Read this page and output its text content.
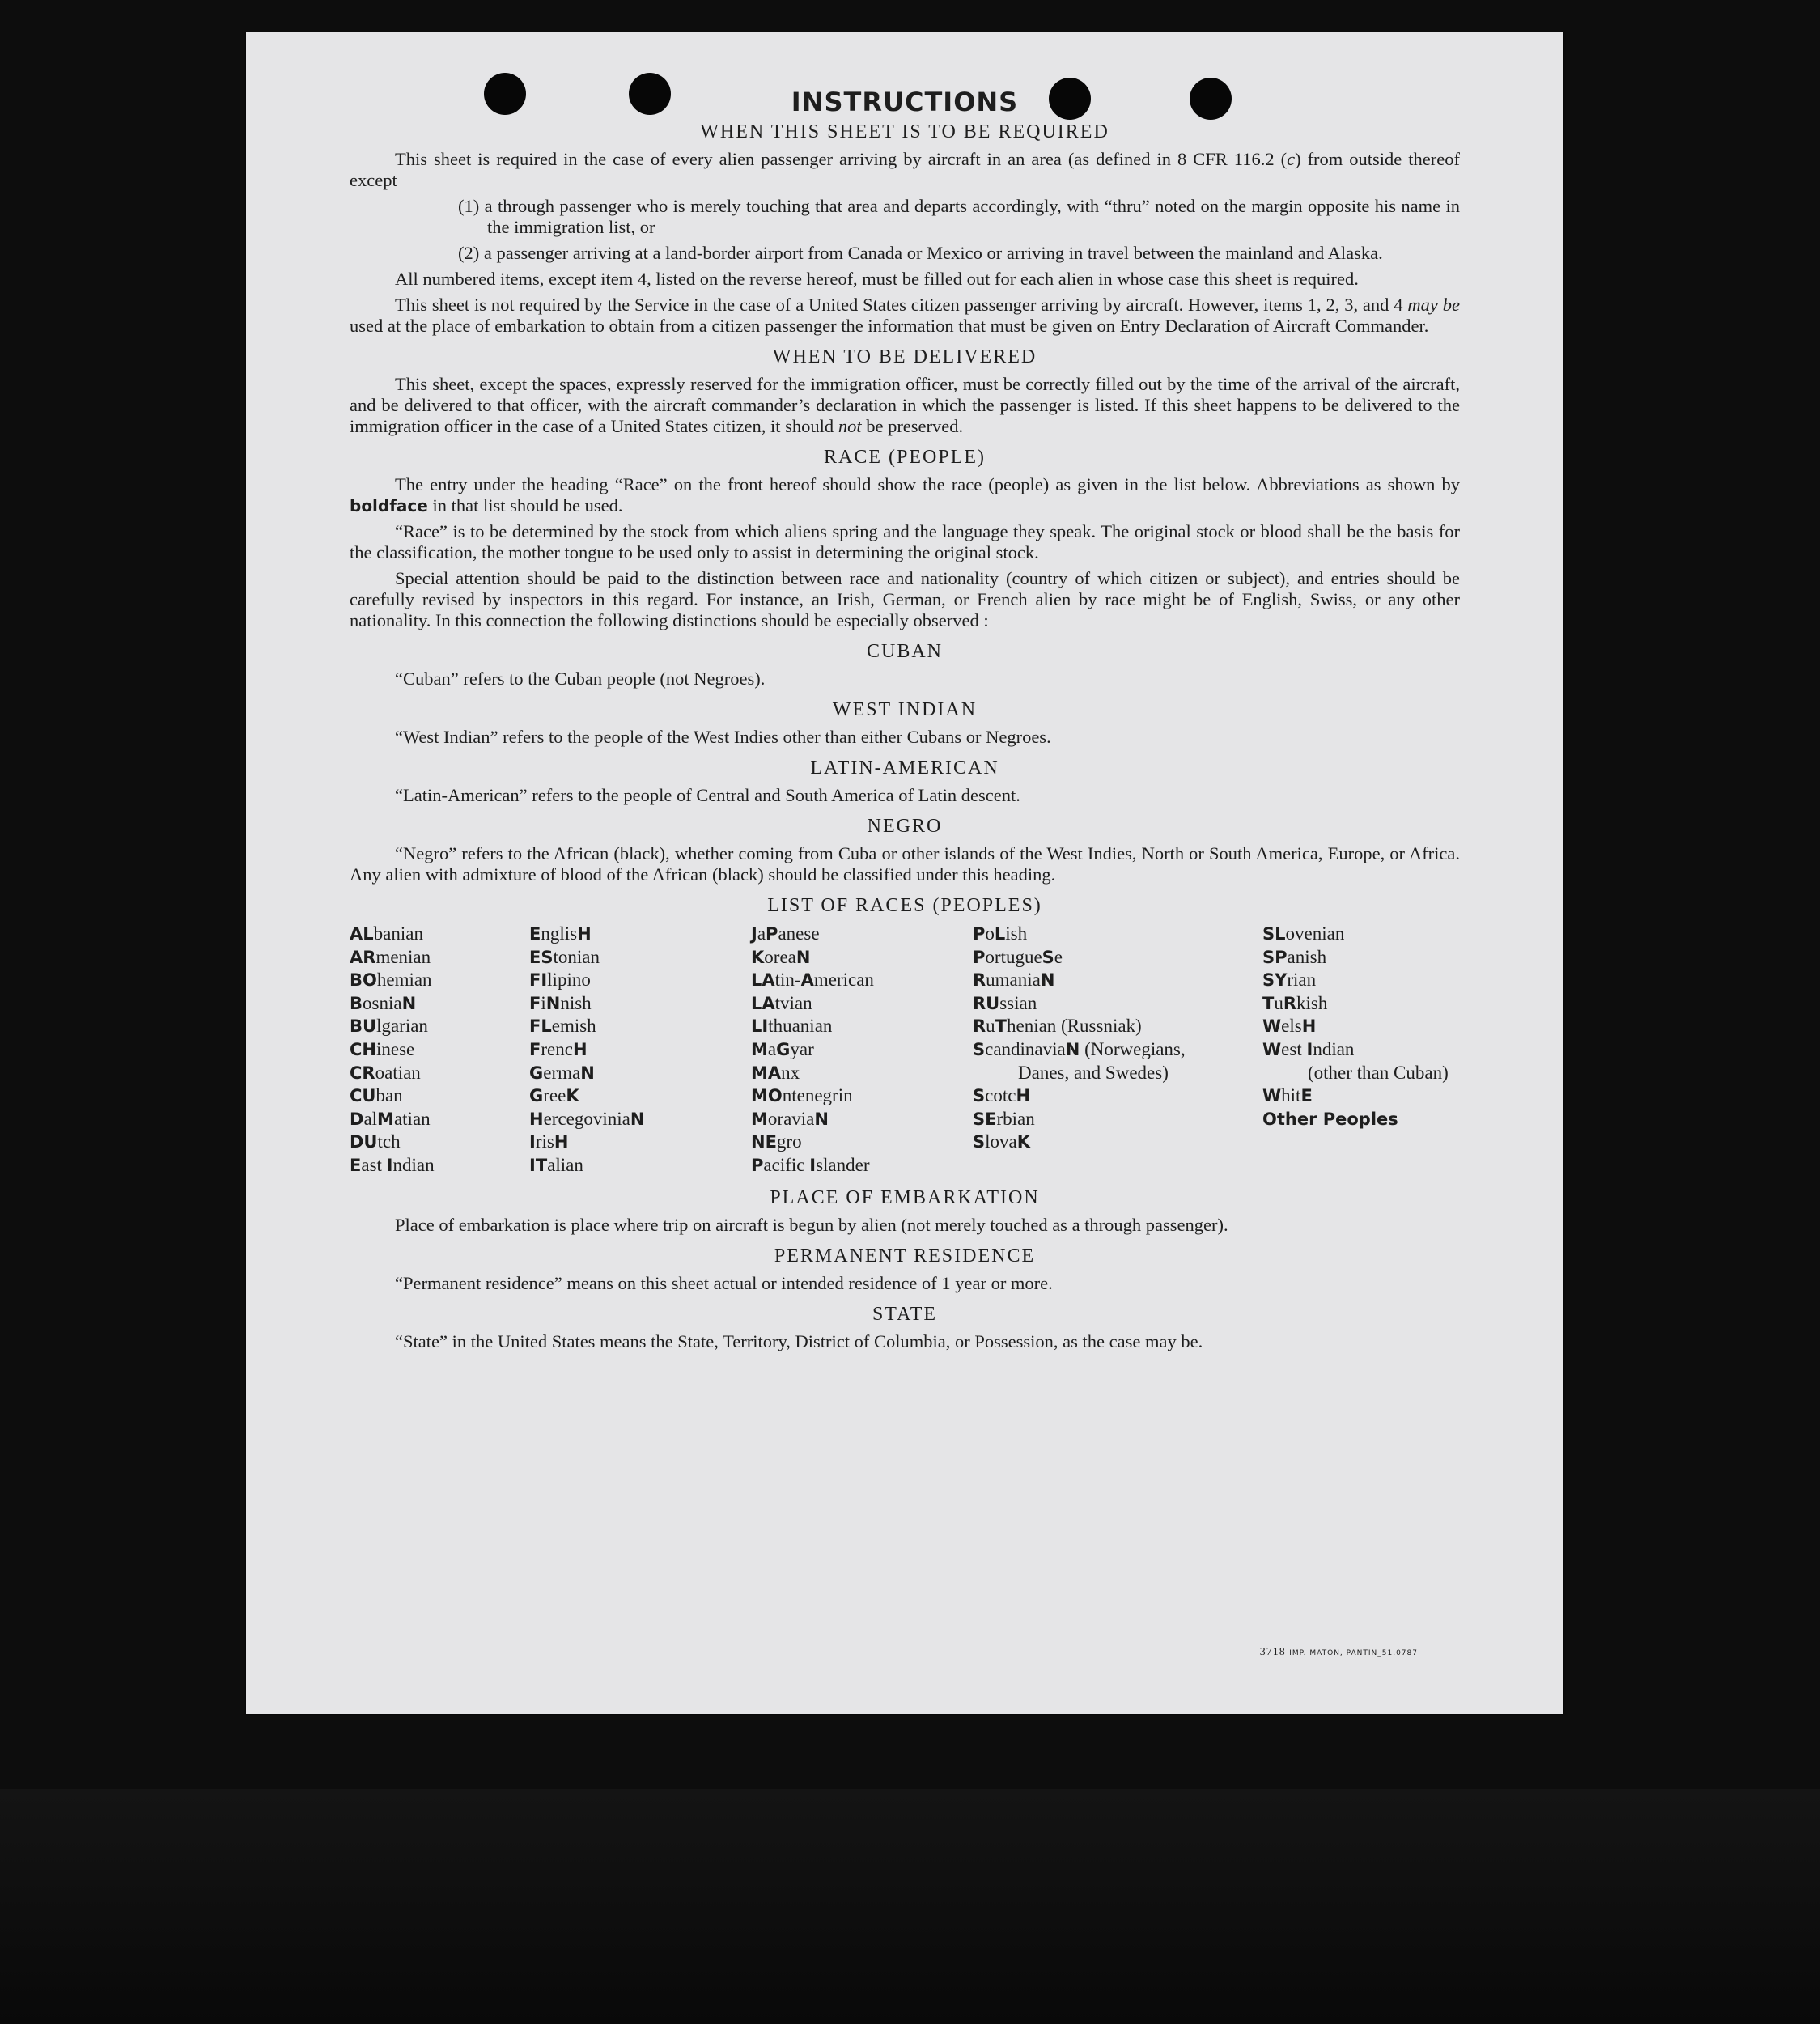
INSTRUCTIONS
WHEN THIS SHEET IS TO BE REQUIRED

This sheet is required in the case of every alien passenger arriving by aircraft in an area (as defined in 8 CFR 116.2 (c) from outside thereof except

(1) a through passenger who is merely touching that area and departs accordingly, with “thru” noted on the margin opposite his name in the immigration list, or

(2) a passenger arriving at a land-border airport from Canada or Mexico or arriving in travel between the mainland and Alaska.

All numbered items, except item 4, listed on the reverse hereof, must be filled out for each alien in whose case this sheet is required.

This sheet is not required by the Service in the case of a United States citizen passenger arriving by aircraft. However, items 1, 2, 3, and 4 may be used at the place of embarkation to obtain from a citizen passenger the information that must be given on Entry Declaration of Aircraft Commander.

WHEN TO BE DELIVERED

This sheet, except the spaces, expressly reserved for the immigration officer, must be correctly filled out by the time of the arrival of the aircraft, and be delivered to that officer, with the aircraft commander’s declaration in which the passenger is listed. If this sheet happens to be delivered to the immigration officer in the case of a United States citizen, it should not be preserved.

RACE (PEOPLE)

The entry under the heading “Race” on the front hereof should show the race (people) as given in the list below. Abbreviations as shown by boldface in that list should be used.

“Race” is to be determined by the stock from which aliens spring and the language they speak. The original stock or blood shall be the basis for the classification, the mother tongue to be used only to assist in determining the original stock.

Special attention should be paid to the distinction between race and nationality (country of which citizen or subject), and entries should be carefully revised by inspectors in this regard. For instance, an Irish, German, or French alien by race might be of English, Swiss, or any other nationality. In this connection the following distinctions should be especially observed :

CUBAN

“Cuban” refers to the Cuban people (not Negroes).

WEST INDIAN

“West Indian” refers to the people of the West Indies other than either Cubans or Negroes.

LATIN-AMERICAN

“Latin-American” refers to the people of Central and South America of Latin descent.

NEGRO

“Negro” refers to the African (black), whether coming from Cuba or other islands of the West Indies, North or South America, Europe, or Africa. Any alien with admixture of blood of the African (black) should be classified under this heading.

LIST OF RACES (PEOPLES)
ALbanian
ARmenian
BOhemian
BosniaN
BUlgarian
CHinese
CRoatian
CUban
DalMatian
DUtch
East Indian
EnglisH
EStonian
FIlipino
FiNnish
FLemish
FrencH
GermaN
GreeK
HercegoviniaN
IrisH
ITalian
JaPanese
KoreaN
LAtin-American
LAtvian
LIthuanian
MaGyar
MAnx
MOntenegrin
MoraviaN
NEgro
Pacific Islander
PoLish
PortugueSe
RumaniaN
RUssian
RuThenian (Russniak)
ScandinaviaN (Norwegians,
Danes, and Swedes)
ScotcH
SErbian
SlovaK
SLovenian
SPanish
SYrian
TuRkish
WelsH
West Indian
(other than Cuban)
WhitE
Other Peoples
PLACE OF EMBARKATION

Place of embarkation is place where trip on aircraft is begun by alien (not merely touched as a through passenger).

PERMANENT RESIDENCE

“Permanent residence” means on this sheet actual or intended residence of 1 year or more.

STATE

“State” in the United States means the State, Territory, District of Columbia, or Possession, as the case may be.

3718 IMP. MATON, PANTIN_51.0787
